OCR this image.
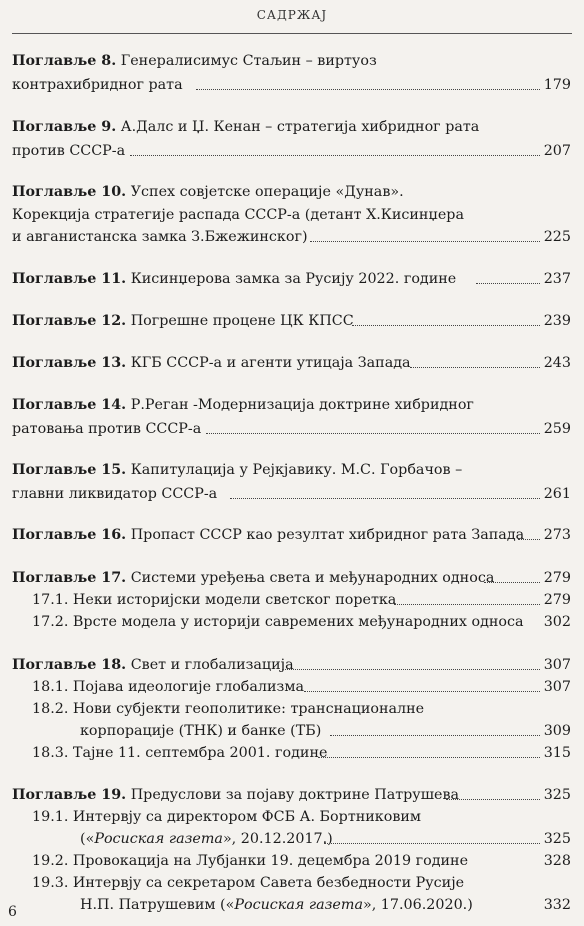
САДРЖАЈ
Поглавље 8. Генералисимус Стаљин – виртуоз
контрахибридног рата	179
Поглавље 9. А.Далс и Џ. Кенан – стратегија хибридног рата
против СССР-а	207
Поглавље 10. Успех совјетске операције «Дунав».
Корекција стратегије распада СССР-а (детант Х.Кисинџера
и авганистанска замка З.Бжежинског)	225
Поглавље 11. Кисинџерова замка за Русију 2022. године	237
Поглавље 12. Погрешне процене ЦК КПСС	239
Поглавље 13. КГБ СССР-а и агенти утицаја Запада	243
Поглавље 14. Р.Реган -Модернизација доктрине хибридног
ратовања против СССР-а	259
Поглавље 15. Капитулација у Рејкјавику. М.С. Горбачов –
главни ликвидатор СССР-а	261
Поглавље 16. Пропаст СССР као резултат хибридног рата Запада 273
Поглавље 17. Системи уређења света и међународних односа	279
17.1. Неки историјски модели светског поретка	279
17.2. Врсте модела у историји савремених међународних односа 302
Поглавље 18. Свет и глобализација	307
18.1. Појава идеологије глобализма	307
18.2. Нови субјекти геополитике: транснационалне
корпорације (ТНК) и банке (ТБ)	309
18.3. Тајне 11. септембра 2001. године	315
Поглавље 19. Предуслови за појаву доктрине Патрушева	325
19.1. Интервју са директором ФСБ А. Бортниковим
(«Росиская газета», 20.12.2017.)	325
19.2. Провокација на Лубјанки 19. децембра 2019 године	328
19.3. Интервју са секретаром Савета безбедности Русије
Н.П. Патрушевим («Росиская газета», 17.06.2020.)	332
6
